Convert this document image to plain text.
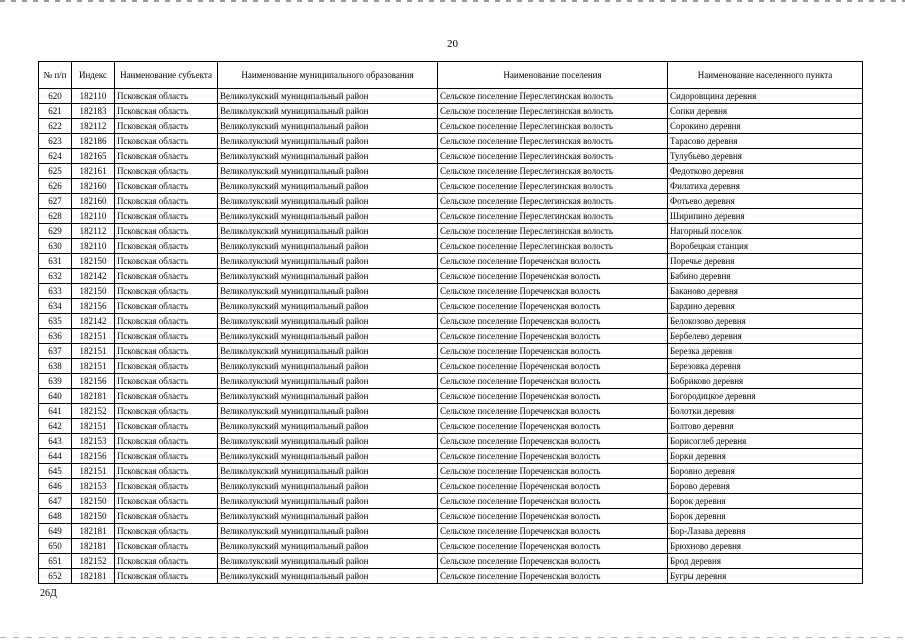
20
№ п/п	Индекс	Наименование субъекта	Наименование муниципального образования	Наименование поселения	Наименование населенного пункта
620	182110	Псковская область	Великолукский муниципальный район	Сельское поселение Переслегинская волость	Сидоровщина деревня
621	182183	Псковская область	Великолукский муниципальный район	Сельское поселение Переслегинская волость	Сопки деревня
622	182112	Псковская область	Великолукский муниципальный район	Сельское поселение Переслегинская волость	Сорокино деревня
623	182186	Псковская область	Великолукский муниципальный район	Сельское поселение Переслегинская волость	Тарасово деревня
624	182165	Псковская область	Великолукский муниципальный район	Сельское поселение Переслегинская волость	Тулубьево деревня
625	182161	Псковская область	Великолукский муниципальный район	Сельское поселение Переслегинская волость	Федотково деревня
626	182160	Псковская область	Великолукский муниципальный район	Сельское поселение Переслегинская волость	Филатиха деревня
627	182160	Псковская область	Великолукский муниципальный район	Сельское поселение Переслегинская волость	Фотьево деревня
628	182110	Псковская область	Великолукский муниципальный район	Сельское поселение Переслегинская волость	Ширипино деревня
629	182112	Псковская область	Великолукский муниципальный район	Сельское поселение Переслегинская волость	Нагорный поселок
630	182110	Псковская область	Великолукский муниципальный район	Сельское поселение Переслегинская волость	Воробецкая станция
631	182150	Псковская область	Великолукский муниципальный район	Сельское поселение Пореченская волость	Поречье деревня
632	182142	Псковская область	Великолукский муниципальный район	Сельское поселение Пореченская волость	Бабино деревня
633	182150	Псковская область	Великолукский муниципальный район	Сельское поселение Пореченская волость	Баканово деревня
634	182156	Псковская область	Великолукский муниципальный район	Сельское поселение Пореченская волость	Бардино деревня
635	182142	Псковская область	Великолукский муниципальный район	Сельское поселение Пореченская волость	Белокозово деревня
636	182151	Псковская область	Великолукский муниципальный район	Сельское поселение Пореченская волость	Бербелево деревня
637	182151	Псковская область	Великолукский муниципальный район	Сельское поселение Пореченская волость	Березка деревня
638	182151	Псковская область	Великолукский муниципальный район	Сельское поселение Пореченская волость	Березовка деревня
639	182156	Псковская область	Великолукский муниципальный район	Сельское поселение Пореченская волость	Бобриково деревня
640	182181	Псковская область	Великолукский муниципальный район	Сельское поселение Пореченская волость	Богородицкое деревня
641	182152	Псковская область	Великолукский муниципальный район	Сельское поселение Пореченская волость	Болотки деревня
642	182151	Псковская область	Великолукский муниципальный район	Сельское поселение Пореченская волость	Болтово деревня
643	182153	Псковская область	Великолукский муниципальный район	Сельское поселение Пореченская волость	Борисоглеб деревня
644	182156	Псковская область	Великолукский муниципальный район	Сельское поселение Пореченская волость	Борки деревня
645	182151	Псковская область	Великолукский муниципальный район	Сельское поселение Пореченская волость	Боровно деревня
646	182153	Псковская область	Великолукский муниципальный район	Сельское поселение Пореченская волость	Борово деревня
647	182150	Псковская область	Великолукский муниципальный район	Сельское поселение Пореченская волость	Борок деревня
648	182150	Псковская область	Великолукский муниципальный район	Сельское поселение Пореченская волость	Борок деревня
649	182181	Псковская область	Великолукский муниципальный район	Сельское поселение Пореченская волость	Бор-Лазава деревня
650	182181	Псковская область	Великолукский муниципальный район	Сельское поселение Пореченская волость	Брюхново деревня
651	182152	Псковская область	Великолукский муниципальный район	Сельское поселение Пореченская волость	Брод деревня
652	182181	Псковская область	Великолукский муниципальный район	Сельское поселение Пореченская волость	Бугры деревня
26Д
